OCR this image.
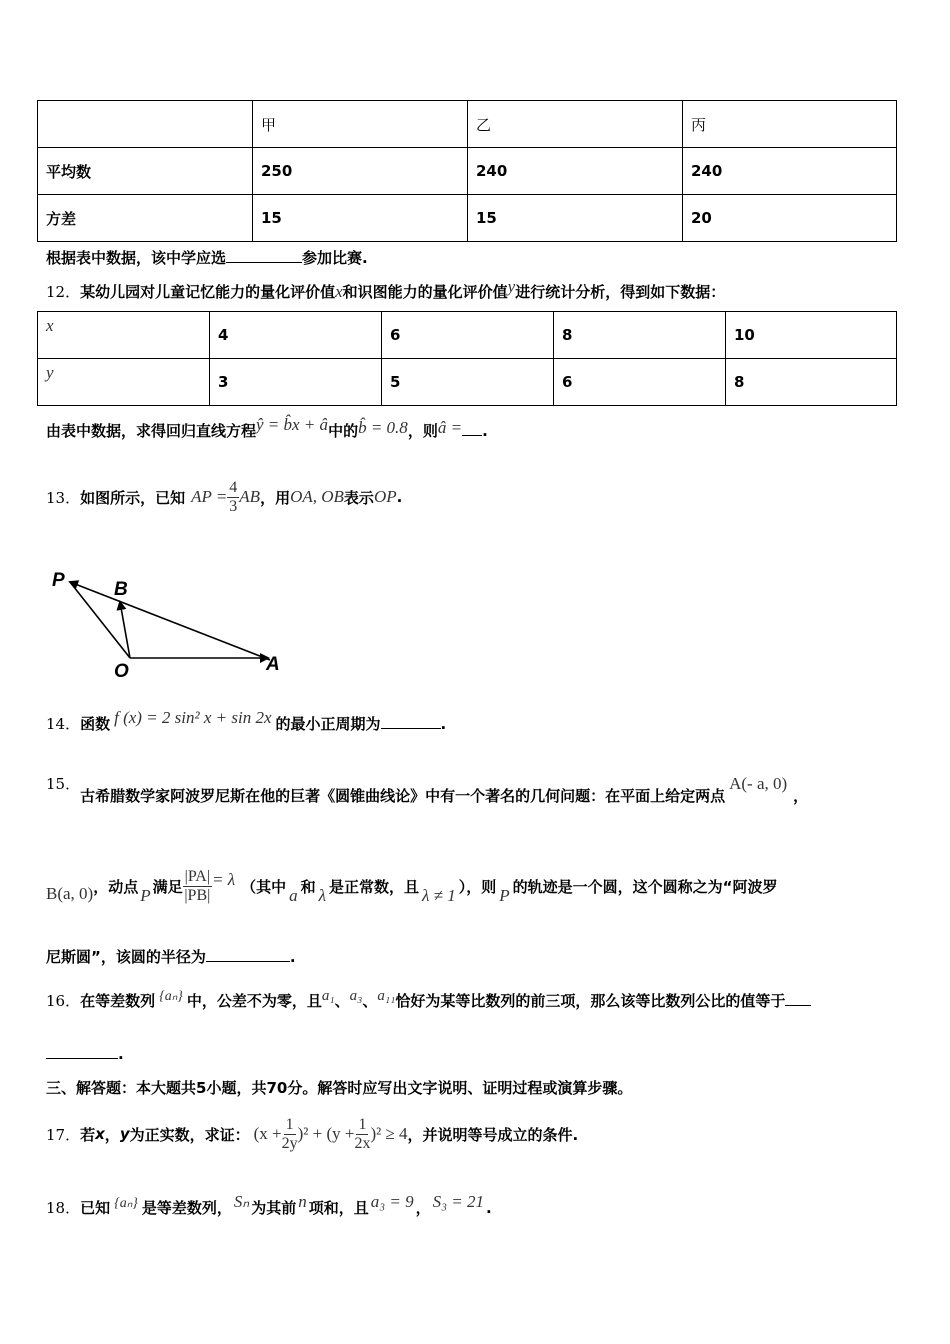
	甲	乙	丙
平均数	250	240	240
方差	15	15	20
根据表中数据，该中学应选	参加比赛.
12．某幼儿园对儿童记忆能力的量化评价值x和识图能力的量化评价值y进行统计分析，得到如下数据：
x	4	6	8	10
y	3	5	6	8
由表中数据，求得回归直线方程ŷ = b̂x + â中的b̂ = 0.8，则â = .
13． 如图所示，已知 AP = $\frac{4}{3}$ AB ，用 OA, OB 表示 OP .
P	B
O	A
14．函数 f (x) = 2 sin² x + sin 2x 的最小正周期为	.
15．古希腊数学家阿波罗尼斯在他的巨著《圆锥曲线论》中有一个著名的几何问题：在平面上给定两点A(- a, 0)，
B(a, 0) ，动点 P 满足 $\frac{|PA|}{|PB|} = \lambda$ （其中 a 和 λ 是正常数，且 λ ≠ 1 ），则 P 的轨迹是一个圆，这个圆称之为“阿波罗
尼斯圆”，该圆的半径为	.
16．在等差数列 {aₙ} 中，公差不为零，且a₁、a₃、a₁₁恰好为某等比数列的前三项，那么该等比数列公比的值等于
.
三、解答题：本大题共5小题，共70分。解答时应写出文字说明、证明过程或演算步骤。
17． 若 x ， y 为正实数，求证： $(x + \frac{1}{2y} )^2 + (y + \frac{1}{2x} )^2 \ge 4$ ，并说明等号成立的条件.
18．已知 {aₙ} 是等差数列， Sₙ 为其前 n 项和，且 a₃ = 9 ， S₃ = 21 .
